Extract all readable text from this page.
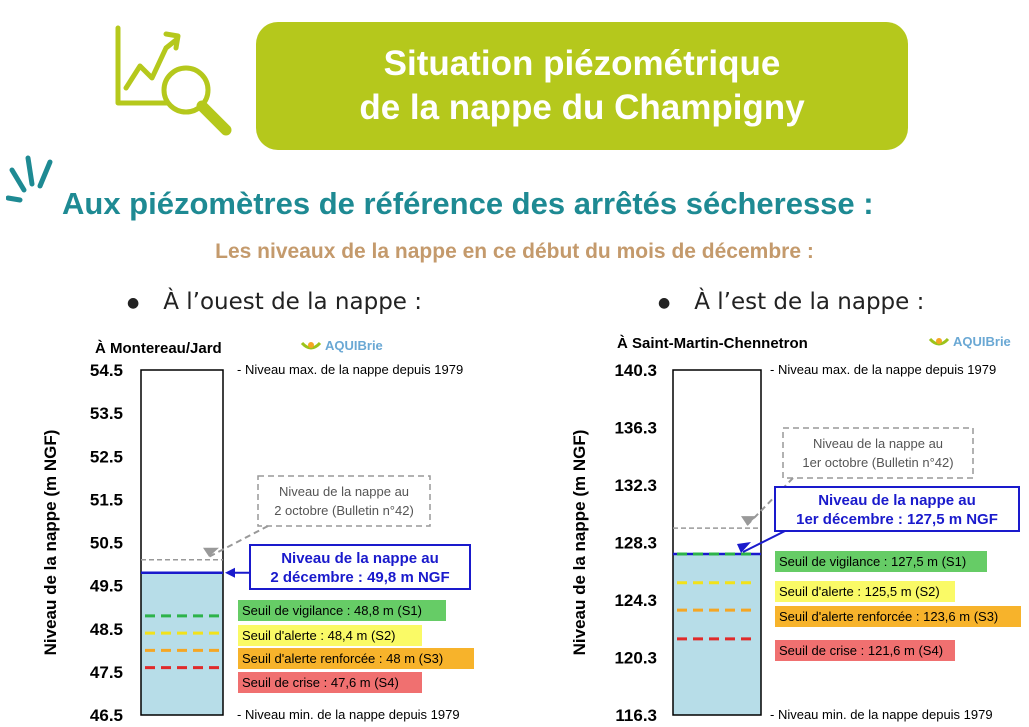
Situation piézométrique
de la nappe du Champigny
Aux piézomètres de référence des arrêtés sécheresse :
Les niveaux de la nappe en ce début du mois de décembre :
● À l’ouest de la nappe :	● À l’est de la nappe :
À Montereau/Jard	À Saint-Martin-Chennetron
AQUIBrie	AQUIBrie
Seuil de vigilance : 48,8 m (S1)
Seuil d'alerte : 48,4 m (S2)
Seuil d'alerte renforcée : 48 m (S3)
Seuil de crise : 47,6 m (S4)
54.5
53.5
52.5
51.5
50.5
49.5
48.5
47.5
46.5
Niveau de la nappe (m NGF)
- Niveau max. de la nappe depuis 1979
- Niveau min. de la nappe depuis 1979
Niveau de la nappe au
2 octobre (Bulletin n°42)
Niveau de la nappe au
2 décembre : 49,8 m NGF
Seuil de vigilance : 127,5 m (S1)
Seuil d'alerte : 125,5 m (S2)
Seuil d'alerte renforcée : 123,6 m (S3)
Seuil de crise : 121,6 m (S4)
140.3
136.3
132.3
128.3
124.3
120.3
116.3
Niveau de la nappe (m NGF)
- Niveau max. de la nappe depuis 1979
- Niveau min. de la nappe depuis 1979
Niveau de la nappe au
1er octobre (Bulletin n°42)
Niveau de la nappe au
1er décembre : 127,5 m NGF
